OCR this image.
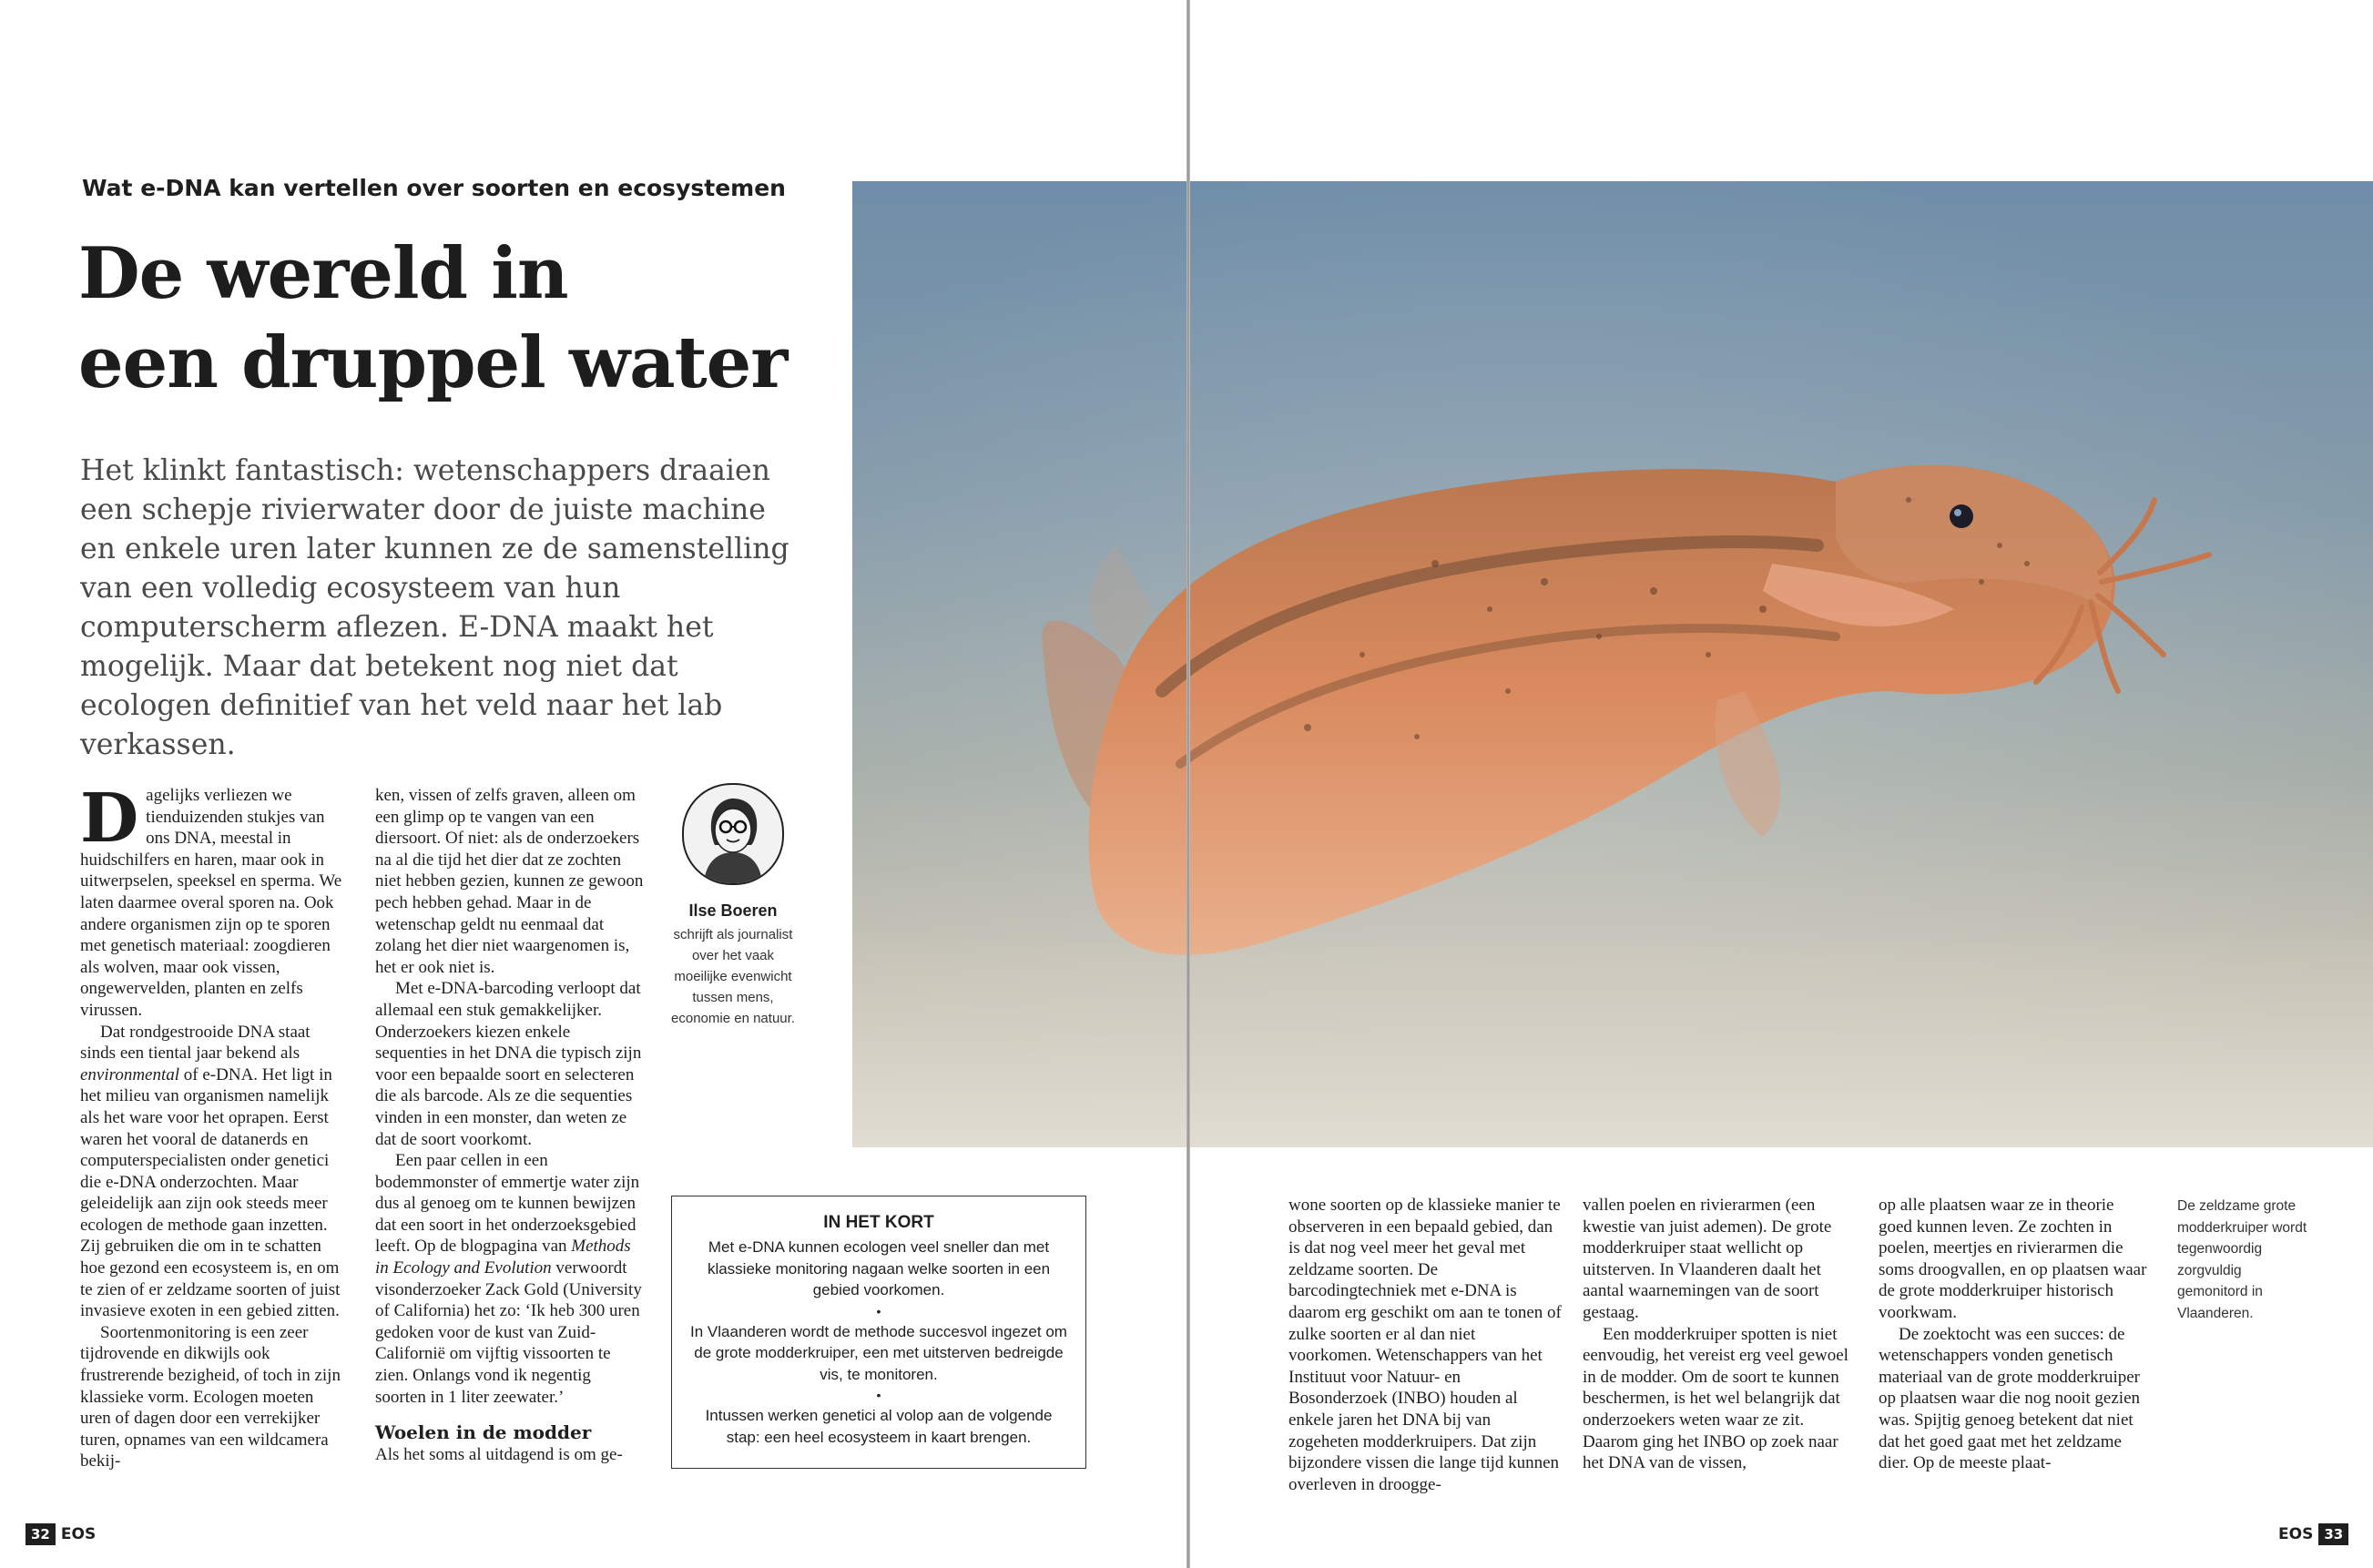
Wat e-DNA kan vertellen over soorten en ecosystemen
De wereld in
een druppel water

Het klinkt fantastisch: wetenschappers draaien een schepje rivierwater door de juiste machine en enkele uren later kunnen ze de samenstelling van een volledig ecosysteem van hun computerscherm aflezen. E-DNA maakt het mogelijk. Maar dat betekent nog niet dat ecologen definitief van het veld naar het lab verkassen.

Dagelijks verliezen we tienduizenden stukjes van ons DNA, meestal in huidschilfers en haren, maar ook in uitwerpselen, speeksel en sperma. We laten daarmee overal sporen na. Ook andere organismen zijn op te sporen met genetisch materiaal: zoogdieren als wolven, maar ook vissen, ongewervelden, planten en zelfs virussen.

Dat rondgestrooide DNA staat sinds een tiental jaar bekend als environmental of e-DNA. Het ligt in het milieu van organismen namelijk als het ware voor het oprapen. Eerst waren het vooral de datanerds en computerspecialisten onder genetici die e-DNA onderzochten. Maar geleidelijk aan zijn ook steeds meer ecologen de methode gaan inzetten. Zij gebruiken die om in te schatten hoe gezond een ecosysteem is, en om te zien of er zeldzame soorten of juist invasieve exoten in een gebied zitten.

Soortenmonitoring is een zeer tijdrovende en dikwijls ook frustrerende bezigheid, of toch in zijn klassieke vorm. Ecologen moeten uren of dagen door een verrekijker turen, opnames van een wildcamera bekij-

ken, vissen of zelfs graven, alleen om een glimp op te vangen van een diersoort. Of niet: als de onderzoekers na al die tijd het dier dat ze zochten niet hebben gezien, kunnen ze gewoon pech hebben gehad. Maar in de wetenschap geldt nu eenmaal dat zolang het dier niet waargenomen is, het er ook niet is.

Met e-DNA-barcoding verloopt dat allemaal een stuk gemakkelijker. Onderzoekers kiezen enkele sequenties in het DNA die typisch zijn voor een bepaalde soort en selecteren die als barcode. Als ze die sequenties vinden in een monster, dan weten ze dat de soort voorkomt.

Een paar cellen in een bodemmonster of emmertje water zijn dus al genoeg om te kunnen bewijzen dat een soort in het onderzoeksgebied leeft. Op de blogpagina van Methods in Ecology and Evolution verwoordt visonderzoeker Zack Gold (University of California) het zo: ‘Ik heb 300 uren gedoken voor de kust van Zuid-Californië om vijftig vissoorten te zien. Onlangs vond ik negentig soorten in 1 liter zeewater.’

Woelen in de modder

Als het soms al uitdagend is om ge-

Ilse Boeren
schrijft als journalist over het vaak moeilijke evenwicht tussen mens, economie en natuur.
IN HET KORT
Met e-DNA kunnen ecologen veel sneller dan met klassieke monitoring nagaan welke soorten in een gebied voorkomen.
•
In Vlaanderen wordt de methode succesvol ingezet om de grote modderkruiper, een met uitsterven bedreigde vis, te monitoren.
•
Intussen werken genetici al volop aan de volgende stap: een heel ecosysteem in kaart brengen.

wone soorten op de klassieke manier te observeren in een bepaald gebied, dan is dat nog veel meer het geval met zeldzame soorten. De barcodingtechniek met e-DNA is daarom erg geschikt om aan te tonen of zulke soorten er al dan niet voorkomen. Wetenschappers van het Instituut voor Natuur- en Bosonderzoek (INBO) houden al enkele jaren het DNA bij van zogeheten modderkruipers. Dat zijn bijzondere vissen die lange tijd kunnen overleven in droogge-

vallen poelen en rivierarmen (een kwestie van juist ademen). De grote modderkruiper staat wellicht op uitsterven. In Vlaanderen daalt het aantal waarnemingen van de soort gestaag.

Een modderkruiper spotten is niet eenvoudig, het vereist erg veel gewoel in de modder. Om de soort te kunnen beschermen, is het wel belangrijk dat onderzoekers weten waar ze zit. Daarom ging het INBO op zoek naar het DNA van de vissen,

op alle plaatsen waar ze in theorie goed kunnen leven. Ze zochten in poelen, meertjes en rivierarmen die soms droogvallen, en op plaatsen waar de grote modderkruiper historisch voorkwam.

De zoektocht was een succes: de wetenschappers vonden genetisch materiaal van de grote modderkruiper op plaatsen waar die nog nooit gezien was. Spijtig genoeg betekent dat niet dat het goed gaat met het zeldzame dier. Op de meeste plaat-

De zeldzame grote modderkruiper wordt tegenwoordig zorgvuldig gemonitord in Vlaanderen.
32 EOS	EOS 33
